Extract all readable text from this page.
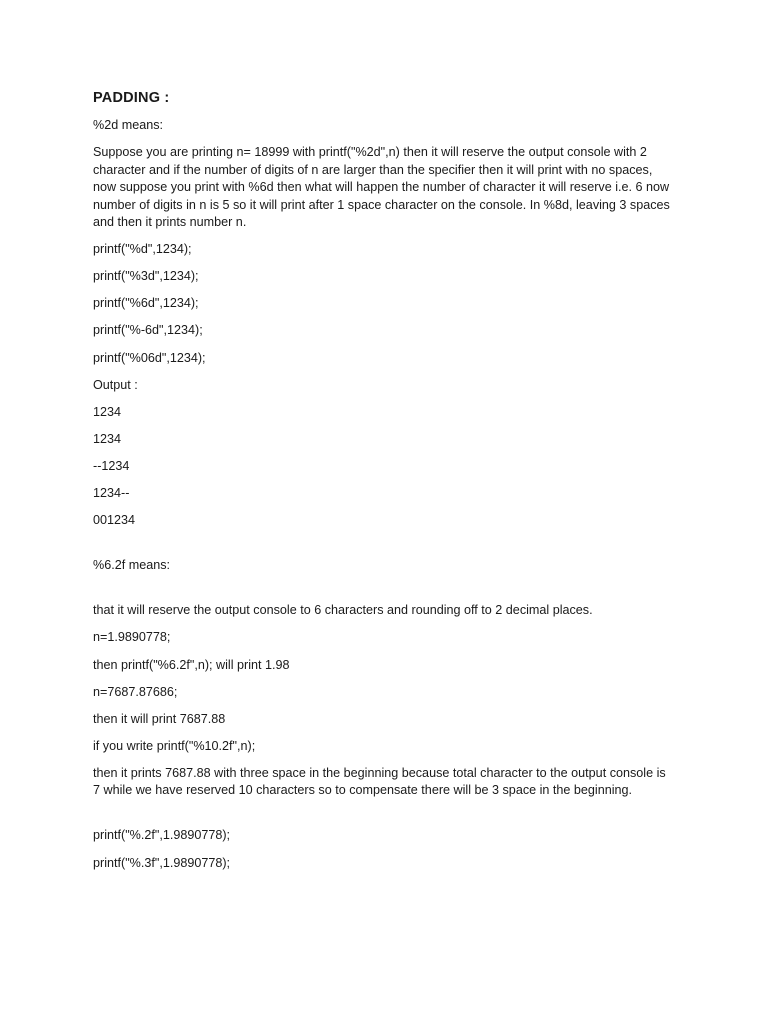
PADDING :
%2d means:
Suppose you are printing n= 18999 with printf("%2d",n) then it will reserve the output console with 2 character and if the number of digits of n are larger than the specifier then it will print with no spaces, now suppose you print with %6d then what will happen the number of character it will reserve i.e. 6 now number of digits in n is 5 so it will print after 1 space character on the console. In %8d, leaving 3 spaces and then it prints number n.
printf("%d",1234);
printf("%3d",1234);
printf("%6d",1234);
printf("%-6d",1234);
printf("%06d",1234);
Output :
1234
1234
--1234
1234--
001234
%6.2f means:
that it will reserve the output console to 6 characters and rounding off to 2 decimal places.
n=1.9890778;
then printf("%6.2f",n); will print 1.98
n=7687.87686;
then it will print 7687.88
if you write printf("%10.2f",n);
then it prints 7687.88 with three space in the beginning because total character to the output console is 7 while we have reserved 10 characters so to compensate there will be 3 space in the beginning.
printf("%.2f",1.9890778);
printf("%.3f",1.9890778);
